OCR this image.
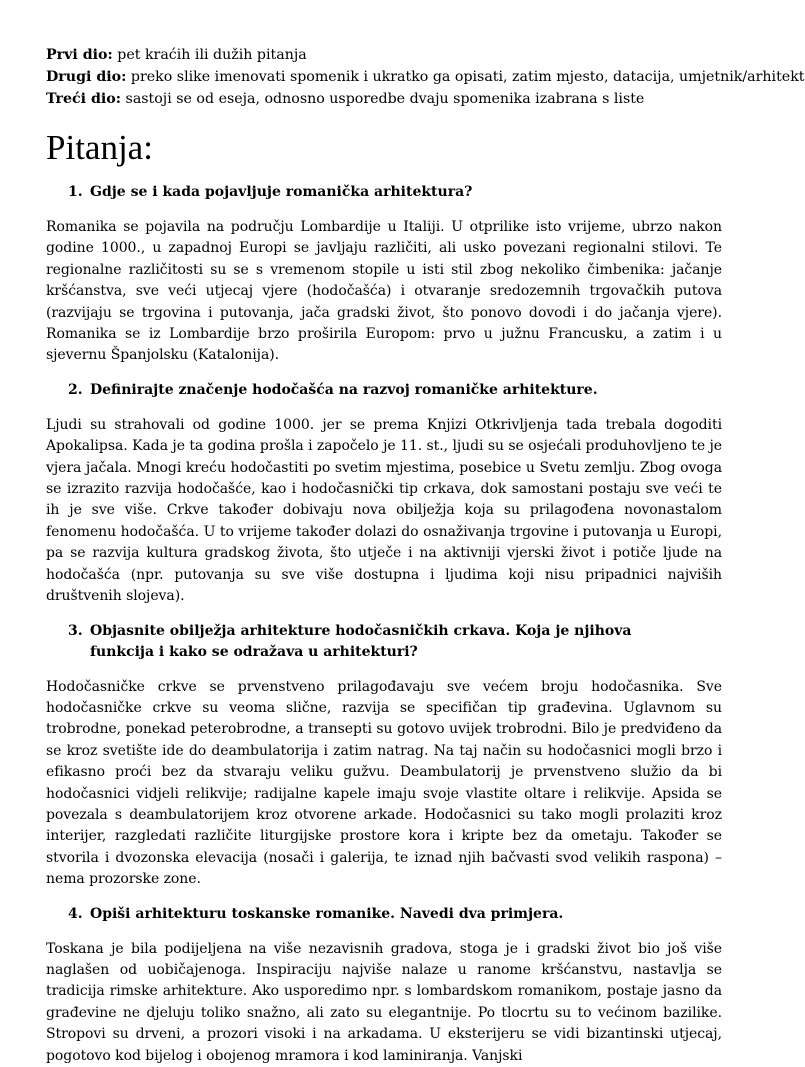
Prvi dio: pet kraćih ili dužih pitanja
Drugi dio: preko slike imenovati spomenik i ukratko ga opisati, zatim mjesto, datacija, umjetnik/arhitekt
Treći dio: sastoji se od eseja, odnosno usporedbe dvaju spomenika izabrana s liste
Pitanja:
1. Gdje se i kada pojavljuje romanička arhitektura?

Romanika se pojavila na području Lombardije u Italiji. U otprilike isto vrijeme, ubrzo nakon godine 1000., u zapadnoj Europi se javljaju različiti, ali usko povezani regionalni stilovi. Te regionalne različitosti su se s vremenom stopile u isti stil zbog nekoliko čimbenika: jačanje kršćanstva, sve veći utjecaj vjere (hodočašća) i otvaranje sredozemnih trgovačkih putova (razvijaju se trgovina i putovanja, jača gradski život, što ponovo dovodi i do jačanja vjere). Romanika se iz Lombardije brzo proširila Europom: prvo u južnu Francusku, a zatim i u sjevernu Španjolsku (Katalonija).

2. Definirajte značenje hodočašća na razvoj romaničke arhitekture.

Ljudi su strahovali od godine 1000. jer se prema Knjizi Otkrivljenja tada trebala dogoditi Apokalipsa. Kada je ta godina prošla i započelo je 11. st., ljudi su se osjećali produhovljeno te je vjera jačala. Mnogi kreću hodočastiti po svetim mjestima, posebice u Svetu zemlju. Zbog ovoga se izrazito razvija hodočašće, kao i hodočasnički tip crkava, dok samostani postaju sve veći te ih je sve više. Crkve također dobivaju nova obilježja koja su prilagođena novonastalom fenomenu hodočašća. U to vrijeme također dolazi do osnaživanja trgovine i putovanja u Europi, pa se razvija kultura gradskog života, što utječe i na aktivniji vjerski život i potiče ljude na hodočašća (npr. putovanja su sve više dostupna i ljudima koji nisu pripadnici najviših društvenih slojeva).

3. Objasnite obilježja arhitekture hodočasničkih crkava. Koja je njihova funkcija i kako se odražava u arhitekturi?

Hodočasničke crkve se prvenstveno prilagođavaju sve većem broju hodočasnika. Sve hodočasničke crkve su veoma slične, razvija se specifičan tip građevina. Uglavnom su trobrodne, ponekad peterobrodne, a transepti su gotovo uvijek trobrodni. Bilo je predviđeno da se kroz svetište ide do deambulatorija i zatim natrag. Na taj način su hodočasnici mogli brzo i efikasno proći bez da stvaraju veliku gužvu. Deambulatorij je prvenstveno služio da bi hodočasnici vidjeli relikvije; radijalne kapele imaju svoje vlastite oltare i relikvije. Apsida se povezala s deambulatorijem kroz otvorene arkade. Hodočasnici su tako mogli prolaziti kroz interijer, razgledati različite liturgijske prostore kora i kripte bez da ometaju. Također se stvorila i dvozonska elevacija (nosači i galerija, te iznad njih bačvasti svod velikih raspona) – nema prozorske zone.

4. Opiši arhitekturu toskanske romanike. Navedi dva primjera.

Toskana je bila podijeljena na više nezavisnih gradova, stoga je i gradski život bio još više naglašen od uobičajenoga. Inspiraciju najviše nalaze u ranome kršćanstvu, nastavlja se tradicija rimske arhitekture. Ako usporedimo npr. s lombardskom romanikom, postaje jasno da građevine ne djeluju toliko snažno, ali zato su elegantnije. Po tlocrtu su to većinom bazilike. Stropovi su drveni, a prozori visoki i na arkadama. U eksterijeru se vidi bizantinski utjecaj, pogotovo kod bijelog i obojenog mramora i kod laminiranja. Vanjski
